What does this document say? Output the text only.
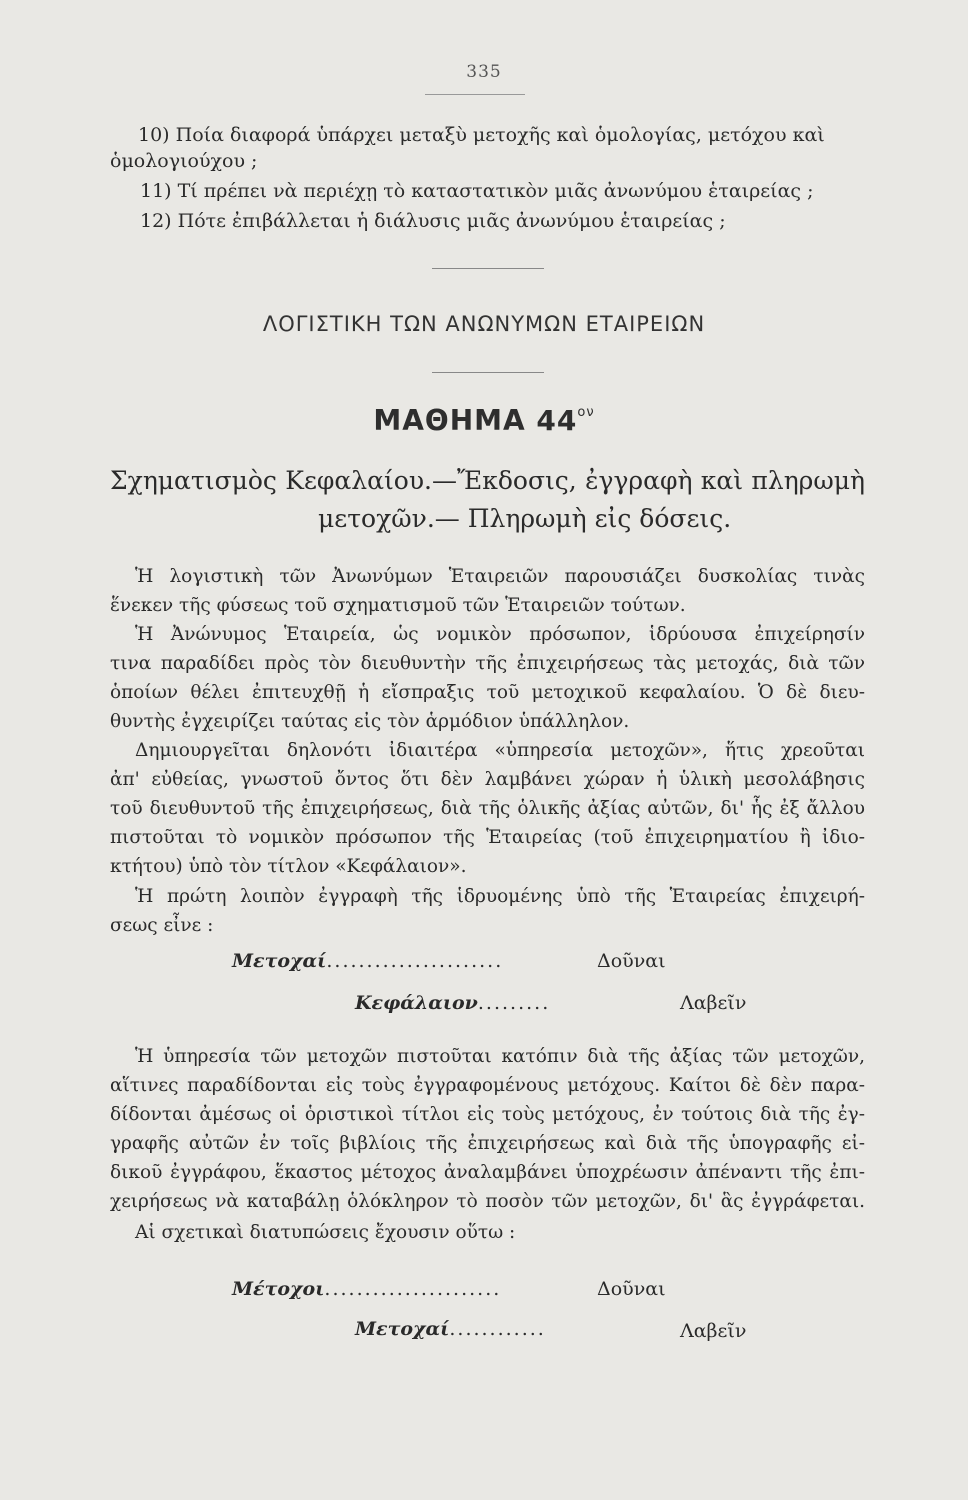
335
10) Ποία διαφορά ὑπάρχει μεταξὺ μετοχῆς καὶ ὁμολογίας, μετόχου καὶ
ὁμολογιούχου ;
11) Τί πρέπει νὰ περιέχῃ τὸ καταστατικὸν μιᾶς ἀνωνύμου ἑταιρείας ;
12) Πότε ἐπιβάλλεται ἡ διάλυσις μιᾶς ἀνωνύμου ἑταιρείας ;
ΛΟΓΙΣΤΙΚΗ ΤΩΝ ΑΝΩΝΥΜΩΝ ΕΤΑΙΡΕΙΩΝ
ΜΑΘΗΜΑ $44^{o\nu}$
Σχηματισμὸς Κεφαλαίου.—Ἔκδοσις, ἐγγραφὴ καὶ πληρωμὴ
μετοχῶν.— Πληρωμὴ εἰς δόσεις.
Ἡ λογιστικὴ τῶν Ἀνωνύμων Ἑταιρειῶν παρουσιάζει δυσκολίας τινὰς
ἕνεκεν τῆς φύσεως τοῦ σχηματισμοῦ τῶν Ἑταιρειῶν τούτων.
Ἡ Ἀνώνυμος Ἑταιρεία, ὡς νομικὸν πρόσωπον, ἱδρύουσα ἐπιχείρησίν
τινα παραδίδει πρὸς τὸν διευθυντὴν τῆς ἐπιχειρήσεως τὰς μετοχάς, διὰ τῶν
ὁποίων θέλει ἐπιτευχθῇ ἡ εἴσπραξις τοῦ μετοχικοῦ κεφαλαίου. Ὁ δὲ διευ-
θυντὴς ἐγχειρίζει ταύτας εἰς τὸν ἁρμόδιον ὑπάλληλον.
Δημιουργεῖται δηλονότι ἰδιαιτέρα «ὑπηρεσία μετοχῶν», ἥτις χρεοῦται
ἀπ' εὐθείας, γνωστοῦ ὄντος ὅτι δὲν λαμβάνει χώραν ἡ ὑλικὴ μεσολάβησις
τοῦ διευθυντοῦ τῆς ἐπιχειρήσεως, διὰ τῆς ὁλικῆς ἀξίας αὐτῶν, δι' ἧς ἐξ ἄλλου
πιστοῦται τὸ νομικὸν πρόσωπον τῆς Ἑταιρείας (τοῦ ἐπιχειρηματίου ἢ ἰδιο-
κτήτου) ὑπὸ τὸν τίτλον «Κεφάλαιον».
Ἡ πρώτη λοιπὸν ἐγγραφὴ τῆς ἱδρυομένης ὑπὸ τῆς Ἑταιρείας ἐπιχειρή-
σεως εἶνε :
Μετοχαί......................	Δοῦναι
Κεφάλαιον.........	Λαβεῖν
Ἡ ὑπηρεσία τῶν μετοχῶν πιστοῦται κατόπιν διὰ τῆς ἀξίας τῶν μετοχῶν,
αἵτινες παραδίδονται εἰς τοὺς ἐγγραφομένους μετόχους. Καίτοι δὲ δὲν παρα-
δίδονται ἀμέσως οἱ ὁριστικοὶ τίτλοι εἰς τοὺς μετόχους, ἐν τούτοις διὰ τῆς ἐγ-
γραφῆς αὐτῶν ἐν τοῖς βιβλίοις τῆς ἐπιχειρήσεως καὶ διὰ τῆς ὑπογραφῆς εἰ-
δικοῦ ἐγγράφου, ἕκαστος μέτοχος ἀναλαμβάνει ὑποχρέωσιν ἀπέναντι τῆς ἐπι-
χειρήσεως νὰ καταβάλῃ ὁλόκληρον τὸ ποσὸν τῶν μετοχῶν, δι' ἃς ἐγγράφεται.
Αἱ σχετικαὶ διατυπώσεις ἔχουσιν οὕτω :
Μέτοχοι......................	Δοῦναι
Μετοχαί............	Λαβεῖν
